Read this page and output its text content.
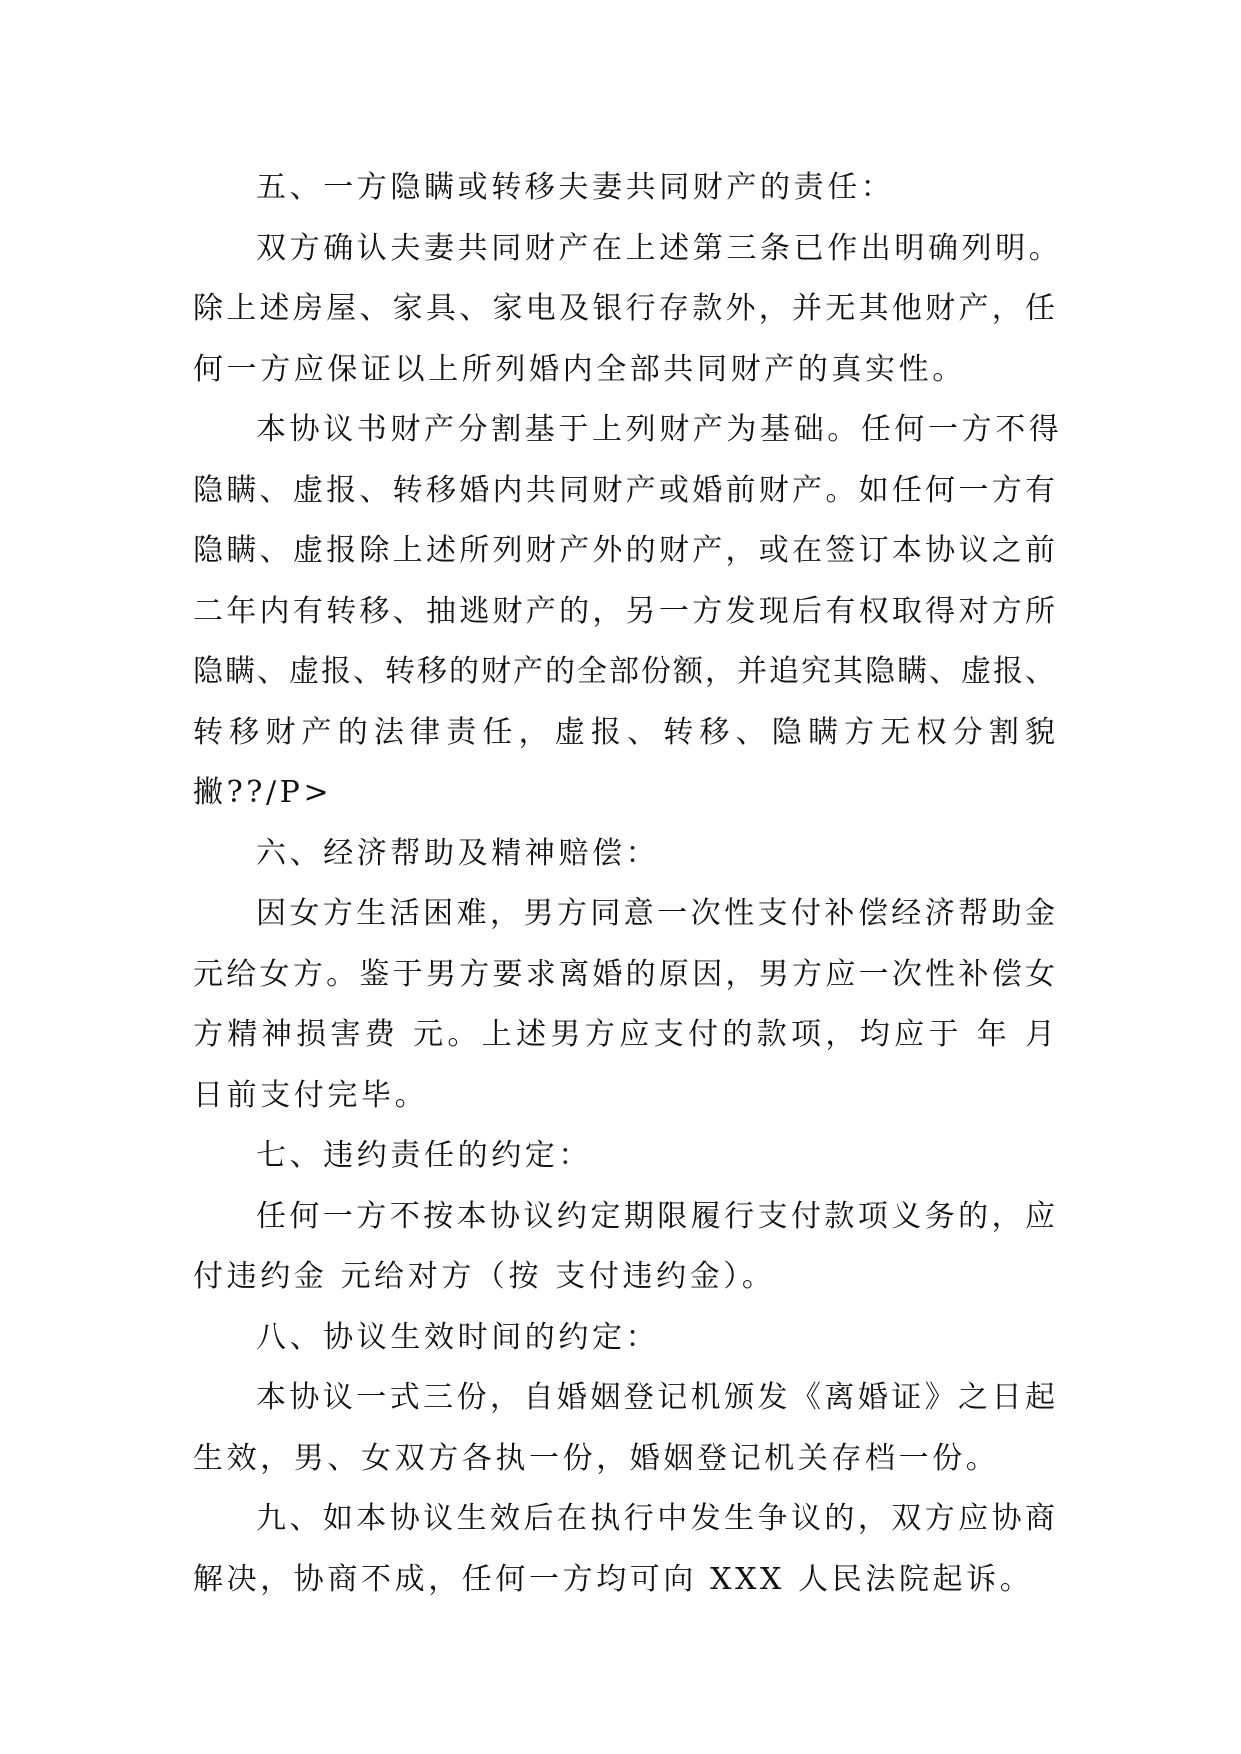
五、一方隐瞒或转移夫妻共同财产的责任：
双方确认夫妻共同财产在上述第三条已作出明确列明。
除上述房屋、家具、家电及银行存款外，并无其他财产，任
何一方应保证以上所列婚内全部共同财产的真实性。
本协议书财产分割基于上列财产为基础。任何一方不得
隐瞒、虚报、转移婚内共同财产或婚前财产。如任何一方有
隐瞒、虚报除上述所列财产外的财产，或在签订本协议之前
二年内有转移、抽逃财产的，另一方发现后有权取得对方所
隐瞒、虚报、转移的财产的全部份额，并追究其隐瞒、虚报、
转移财产的法律责任，虚报、转移、隐瞒方无权分割貌
撇??/P>
六、经济帮助及精神赔偿：
因女方生活困难，男方同意一次性支付补偿经济帮助金
元给女方。鉴于男方要求离婚的原因，男方应一次性补偿女
方精神损害费 元。上述男方应支付的款项，均应于 年 月
日前支付完毕。
七、违约责任的约定：
任何一方不按本协议约定期限履行支付款项义务的，应
付违约金 元给对方（按 支付违约金）。
八、协议生效时间的约定：
本协议一式三份，自婚姻登记机颁发《离婚证》之日起
生效，男、女双方各执一份，婚姻登记机关存档一份。
九、如本协议生效后在执行中发生争议的，双方应协商
解决，协商不成，任何一方均可向 XXX 人民法院起诉。
